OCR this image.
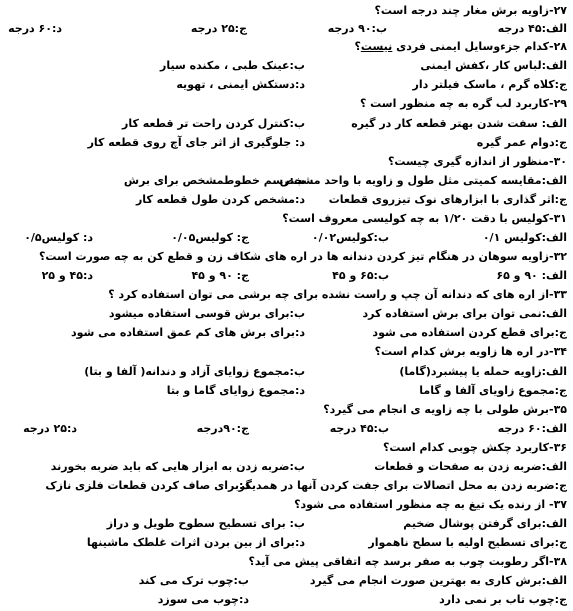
۲۷-زاویه برش مغار چند درجه است؟
الف:۴۵ درجه
ب:۹۰ درجه
ج:۲۵ درجه
د:۶۰ درجه
۲۸-کدام جزءوسایل ایمنی فردی نیست؟
الف:لباس کار ،کفش ایمنی
ب:عینک طبی ، مکنده سیار
ج:کلاه گرم ، ماسک فیلتر دار
د:دستکش ایمنی ، تهویه
۲۹-کاربرد لب گره به چه منظور است ؟
الف: سفت شدن بهتر قطعه کار در گیره
ب:کنترل کردن راحت تر قطعه کار
ج:دوام عمر گیره
د: جلوگیری از اثر جای آچ روی قطعه کار
۳۰-منظور از اندازه گیری چیست؟
الف:مقایسه کمیتی مثل طول و زاویه با واحد مشخص
ب:رسم خطوطمشخص برای برش
ج:اثر گذاری با ابزارهای نوک تیزروی قطعات
د:مشخص کردن طول قطعه کار
۳۱-کولیس با دقت ۱/۲۰ به چه کولیسی معروف است؟
الف:کولیس ۰/۱
ب:کولیس۰/۰۲
ج: کولیس۰/۰۵
د: کولیس۰/۵
۳۲-زاویه سوهان در هنگام تیز کردن دندانه ها در اره های شکاف زن و قطع کن به چه صورت است؟
الف: ۹۰ و ۶۵
ب:۶۵ و ۴۵
ج: ۹۰ و ۴۵
د:۴۵ و ۲۵
۳۳-از اره های که دندانه آن چپ و راست نشده برای چه برشی می توان استفاده کرد ؟
الف:نمی توان برای برش استفاده کرد
ب:برای برش قوسی استفاده میشود
ج:برای قطع کردن استفاده می شود
د:برای برش های کم عمق استفاده می شود
۳۴-در اره ها زاویه برش کدام است؟
الف:زاویه حمله یا پیشبرد(گاما)
ب:مجموع زوایای آزاد و دندانه( آلفا و بتا)
ج:مجموع زاویای آلفا و گاما
د:مجموع زوایای گاما و بتا
۳۵-برش طولی با چه زاویه ی انجام می گیرد؟
الف:۶۰ درجه
ب:۴۵ درجه
ج:۹۰درجه
د:۲۵ درجه
۳۶-کاربرد چکش چوبی کدام است؟
الف:ضربه زدن به صفحات و قطعات
ب:ضربه زدن به ابزار هایی که باید ضربه بخورند
ج:ضربه زدن به محل اتصالات برای جفت کردن آنها در همدیگر
د:برای صاف کردن قطعات فلزی نازک
۳۷- از رنده یک تیغ به چه منظور استفاده می شود؟
الف:برای گرفتن پوشال ضخیم
ب: برای تسطیح سطوح طویل و دراز
ج:برای تسطیح اولیه با سطح ناهموار
د:برای از بین بردن اثرات غلطک ماشینها
۳۸-اگر رطوبت چوب به صفر برسد چه اتفاقی پیش می آید؟
الف:برش کاری به بهترین صورت انجام می گیرد
ب:چوب ترک می کند
ج:چوب تاب بر نمی دارد
د:چوب می سوزد
